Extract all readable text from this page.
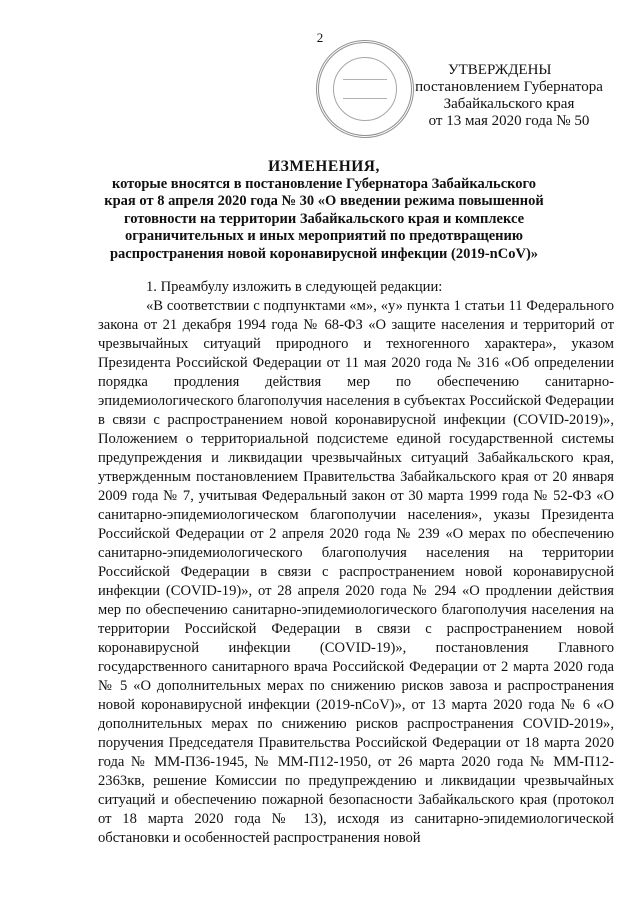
2
УТВЕРЖДЕНЫ
постановлением Губернатора
Забайкальского края
от 13 мая 2020 года № 50
ИЗМЕНЕНИЯ,
которые вносятся в постановление Губернатора Забайкальского края от 8 апреля 2020 года № 30 «О введении режима повышенной готовности на территории Забайкальского края и комплексе ограничительных и иных мероприятий по предотвращению распространения новой коронавирусной инфекции (2019-nCoV)»

1. Преамбулу изложить в следующей редакции:

«В соответствии с подпунктами «м», «у» пункта 1 статьи 11 Федерального закона от 21 декабря 1994 года № 68-ФЗ «О защите населения и территорий от чрезвычайных ситуаций природного и техногенного характера», указом Президента Российской Федерации от 11 мая 2020 года № 316 «Об определении порядка продления действия мер по обеспечению санитарно-эпидемиологического благополучия населения в субъектах Российской Федерации в связи с распространением новой коронавирусной инфекции (COVID-2019)», Положением о территориальной подсистеме единой государственной системы предупреждения и ликвидации чрезвычайных ситуаций Забайкальского края, утвержденным постановлением Правительства Забайкальского края от 20 января 2009 года № 7, учитывая Федеральный закон от 30 марта 1999 года № 52-ФЗ «О санитарно-эпидемиологическом благополучии населения», указы Президента Российской Федерации от 2 апреля 2020 года № 239 «О мерах по обеспечению санитарно-эпидемиологического благополучия населения на территории Российской Федерации в связи с распространением новой коронавирусной инфекции (COVID-19)», от 28 апреля 2020 года № 294 «О продлении действия мер по обеспечению санитарно-эпидемиологического благополучия населения на территории Российской Федерации в связи с распространением новой коронавирусной инфекции (COVID-19)», постановления Главного государственного санитарного врача Российской Федерации от 2 марта 2020 года № 5 «О дополнительных мерах по снижению рисков завоза и распространения новой коронавирусной инфекции (2019-nCoV)», от 13 марта 2020 года № 6 «О дополнительных мерах по снижению рисков распространения COVID-2019», поручения Председателя Правительства Российской Федерации от 18 марта 2020 года № ММ-П36-1945, № ММ-П12-1950, от 26 марта 2020 года № ММ-П12-2363кв, решение Комиссии по предупреждению и ликвидации чрезвычайных ситуаций и обеспечению пожарной безопасности Забайкальского края (протокол от 18 марта 2020 года № 13), исходя из санитарно-эпидемиологической обстановки и особенностей распространения новой
